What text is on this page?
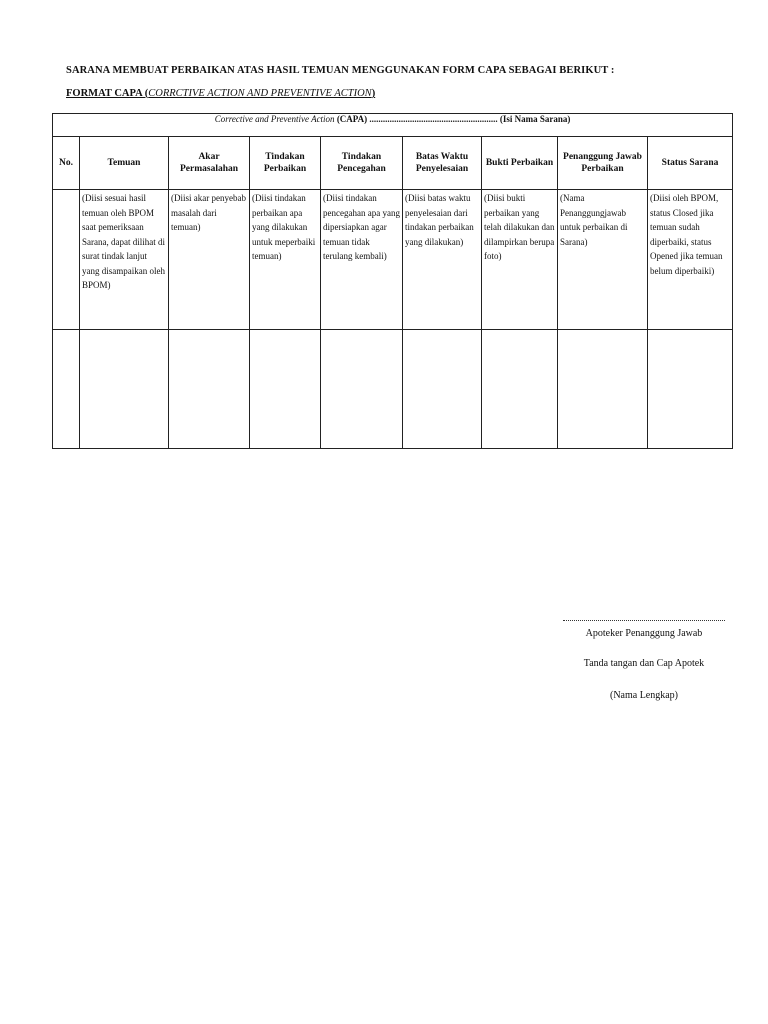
SARANA MEMBUAT PERBAIKAN ATAS HASIL TEMUAN MENGGUNAKAN FORM CAPA SEBAGAI BERIKUT :
FORMAT CAPA (CORRCTIVE ACTION AND PREVENTIVE ACTION)
Corrective and Preventive Action (CAPA) ......................................................... (Isi Nama Sarana)								
No.	Temuan	Akar Permasalahan	Tindakan Perbaikan	Tindakan Pencegahan	Batas Waktu Penyelesaian	Bukti Perbaikan	Penanggung Jawab Perbaikan	Status Sarana
	(Diisi sesuai hasil temuan oleh BPOM saat pemeriksaan Sarana, dapat dilihat di surat tindak lanjut yang disampaikan oleh BPOM)	(Diisi akar penyebab masalah dari temuan)	(Diisi tindakan perbaikan apa yang dilakukan untuk meperbaiki temuan)	(Diisi tindakan pencegahan apa yang dipersiapkan agar temuan tidak terulang kembali)	(Diisi batas waktu penyelesaian dari tindakan perbaikan yang dilakukan)	(Diisi bukti perbaikan yang telah dilakukan dan dilampirkan berupa foto)	(Nama Penanggungjawab untuk perbaikan di Sarana)	(Diisi oleh BPOM, status Closed jika temuan sudah diperbaiki, status Opened jika temuan belum diperbaiki)

Apoteker Penanggung Jawab
Tanda tangan dan Cap Apotek
(Nama Lengkap)
